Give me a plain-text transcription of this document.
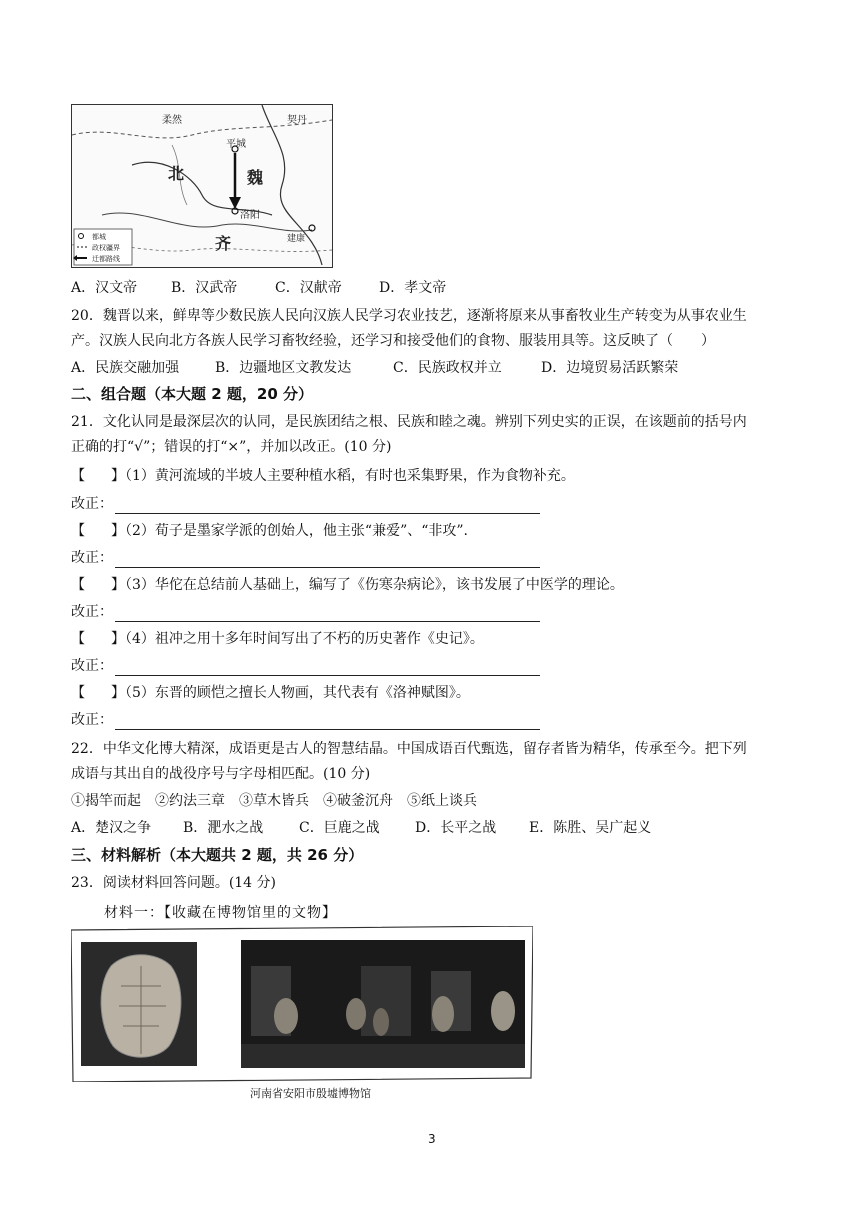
柔然	契丹
北	魏
平城
洛阳
齐	建康
都城
政权疆界
迁都路线
A．汉文帝 B．汉武帝	C．汉献帝	D．孝文帝
20．魏晋以来，鲜卑等少数民族人民向汉族人民学习农业技艺，逐渐将原来从事畜牧业生产转变为从事农业生
产。汉族人民向北方各族人民学习畜牧经验，还学习和接受他们的食物、服装用具等。这反映了（　　）
A．民族交融加强	B．边疆地区文教发达	C．民族政权并立	D．边境贸易活跃繁荣
二、组合题（本大题 2 题，20 分）
21．文化认同是最深层次的认同，是民族团结之根、民族和睦之魂。辨别下列史实的正误，在该题前的括号内
正确的打“√”；错误的打“×”，并加以改正。(10 分)
【 】（1）黄河流域的半坡人主要种植水稻，有时也采集野果，作为食物补充。
改正：
【 】（2）荀子是墨家学派的创始人，他主张“兼爱”、“非攻”.
改正：
【 】（3）华佗在总结前人基础上，编写了《伤寒杂病论》，该书发展了中医学的理论。
改正：
【 】（4）祖冲之用十多年时间写出了不朽的历史著作《史记》。
改正：
【 】（5）东晋的顾恺之擅长人物画，其代表有《洛神赋图》。
改正：
22．中华文化博大精深，成语更是古人的智慧结晶。中国成语百代甄选，留存者皆为精华，传承至今。把下列
成语与其出自的战役序号与字母相匹配。(10 分)
①揭竿而起　②约法三章　③草木皆兵　④破釜沉舟　⑤纸上谈兵
A．楚汉之争 B．淝水之战	C．巨鹿之战	D．长平之战 E．陈胜、吴广起义
三、材料解析（本大题共 2 题，共 26 分）
23．阅读材料回答问题。(14 分)
材料一：【收藏在博物馆里的文物】
河南省安阳市殷墟博物馆
3
